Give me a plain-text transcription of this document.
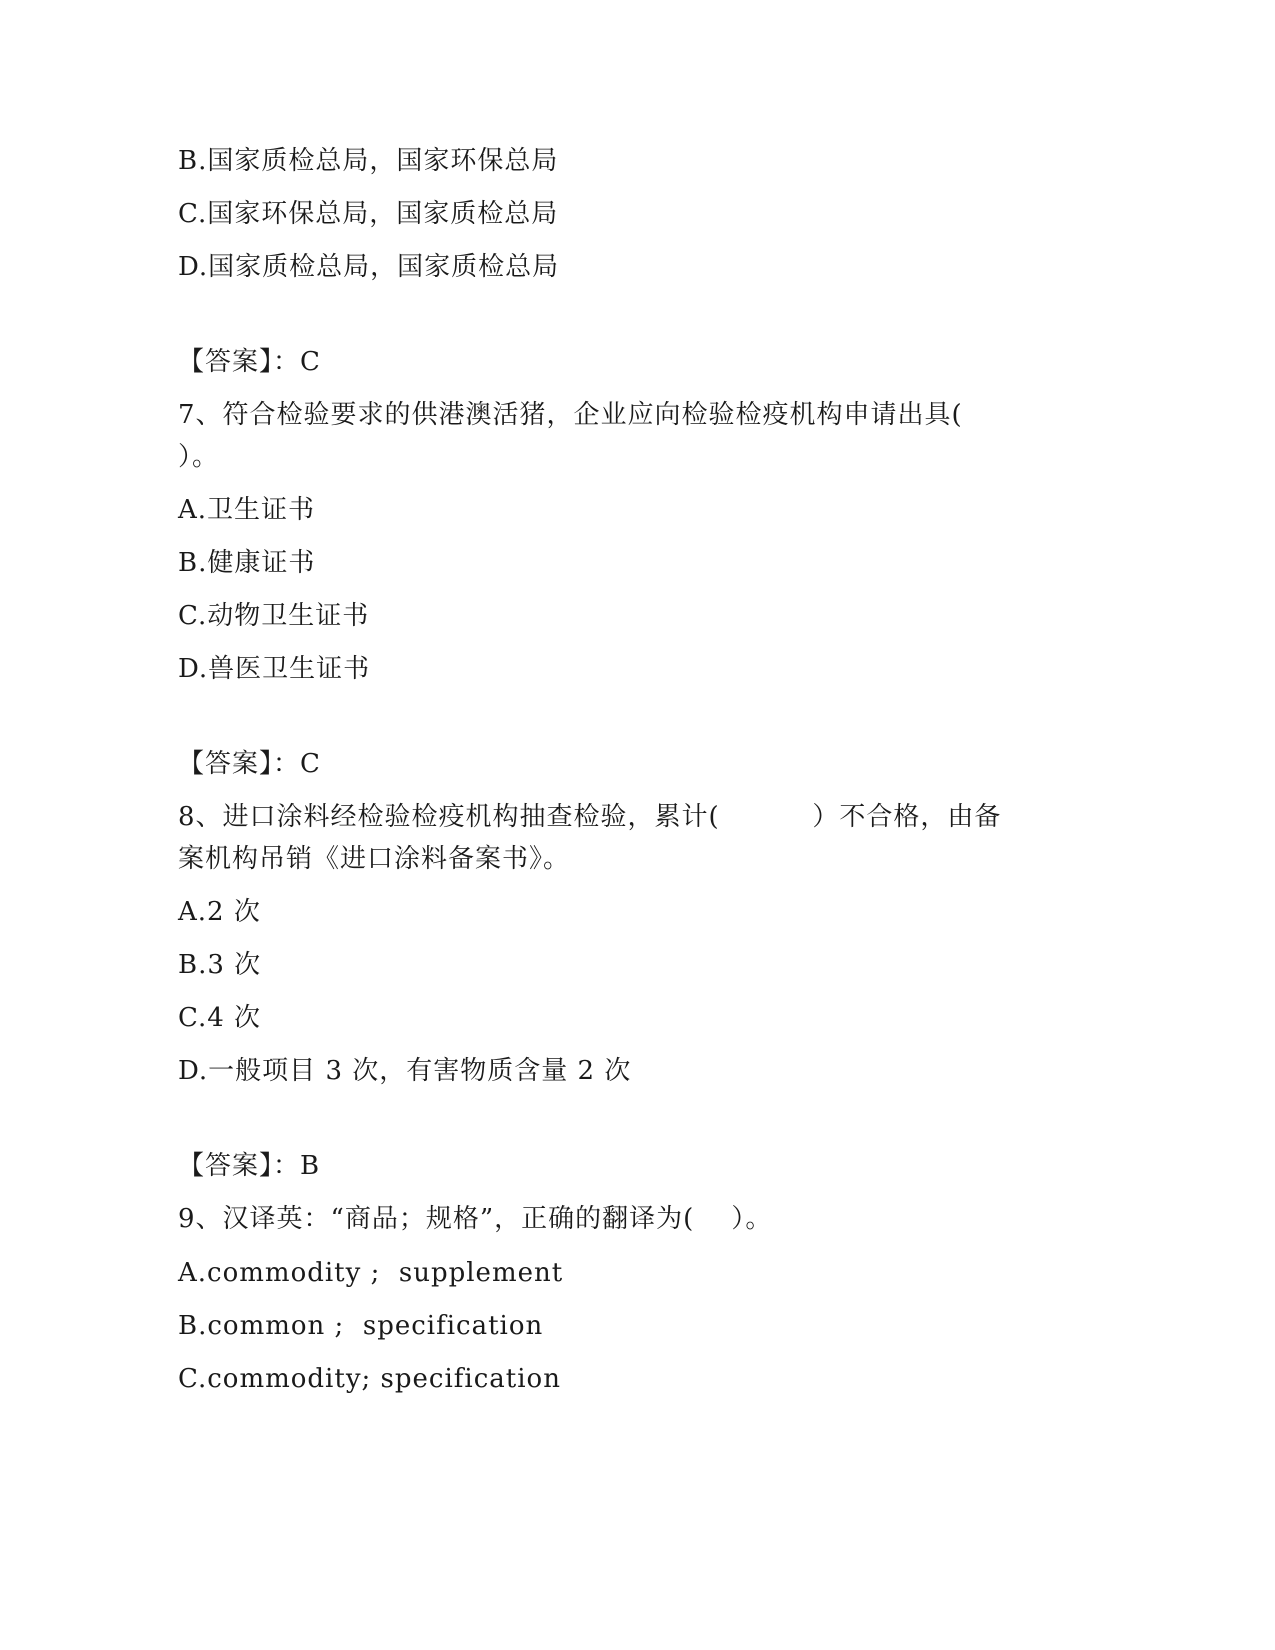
B.国家质检总局，国家环保总局
C.国家环保总局，国家质检总局
D.国家质检总局，国家质检总局
【答案】：C
7、符合检验要求的供港澳活猪，企业应向检验检疫机构申请出具(
）。
A.卫生证书
B.健康证书
C.动物卫生证书
D.兽医卫生证书
【答案】：C
8、进口涂料经检验检疫机构抽查检验，累计(          ）不合格，由备
案机构吊销《进口涂料备案书》。
A.2 次
B.3 次
C.4 次
D.一般项目 3 次，有害物质含量 2 次
【答案】：B
9、汉译英：“商品；规格”，正确的翻译为(    ）。
A.commodity ;  supplement
B.common ;  specification
C.commodity; specification
